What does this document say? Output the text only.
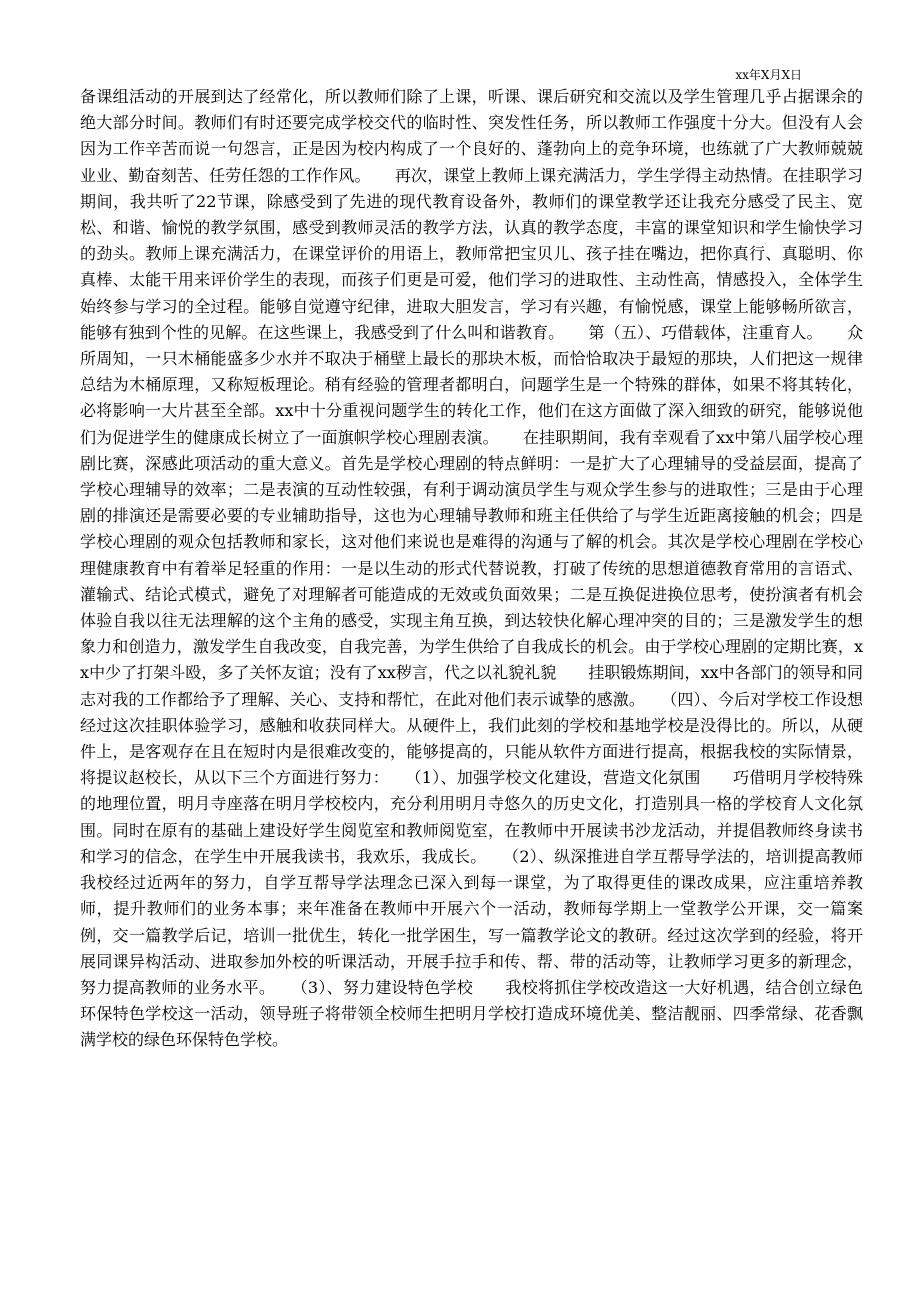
xx年X月X日

备课组活动的开展到达了经常化，所以教师们除了上课，听课、课后研究和交流以及学生管理几乎占据课余的绝大部分时间。教师们有时还要完成学校交代的临时性、突发性任务，所以教师工作强度十分大。但没有人会因为工作辛苦而说一句怨言，正是因为校内构成了一个良好的、蓬勃向上的竞争环境，也练就了广大教师兢兢业业、勤奋刻苦、任劳任怨的工作作风。　　再次，课堂上教师上课充满活力，学生学得主动热情。在挂职学习期间，我共听了22节课，除感受到了先进的现代教育设备外，教师们的课堂教学还让我充分感受了民主、宽松、和谐、愉悦的教学氛围，感受到教师灵活的教学方法，认真的教学态度，丰富的课堂知识和学生愉快学习的劲头。教师上课充满活力，在课堂评价的用语上，教师常把宝贝儿、孩子挂在嘴边，把你真行、真聪明、你真棒、太能干用来评价学生的表现，而孩子们更是可爱，他们学习的进取性、主动性高，情感投入，全体学生始终参与学习的全过程。能够自觉遵守纪律，进取大胆发言，学习有兴趣，有愉悦感，课堂上能够畅所欲言，能够有独到个性的见解。在这些课上，我感受到了什么叫和谐教育。　　第（五）、巧借载体，注重育人。　　众所周知，一只木桶能盛多少水并不取决于桶壁上最长的那块木板，而恰恰取决于最短的那块，人们把这一规律总结为木桶原理，又称短板理论。稍有经验的管理者都明白，问题学生是一个特殊的群体，如果不将其转化，必将影响一大片甚至全部。xx中十分重视问题学生的转化工作，他们在这方面做了深入细致的研究，能够说他们为促进学生的健康成长树立了一面旗帜学校心理剧表演。　　在挂职期间，我有幸观看了xx中第八届学校心理剧比赛，深感此项活动的重大意义。首先是学校心理剧的特点鲜明：一是扩大了心理辅导的受益层面，提高了学校心理辅导的效率；二是表演的互动性较强，有利于调动演员学生与观众学生参与的进取性；三是由于心理剧的排演还是需要必要的专业辅助指导，这也为心理辅导教师和班主任供给了与学生近距离接触的机会；四是学校心理剧的观众包括教师和家长，这对他们来说也是难得的沟通与了解的机会。其次是学校心理剧在学校心理健康教育中有着举足轻重的作用：一是以生动的形式代替说教，打破了传统的思想道德教育常用的言语式、灌输式、结论式模式，避免了对理解者可能造成的无效或负面效果；二是互换促进换位思考，使扮演者有机会体验自我以往无法理解的这个主角的感受，实现主角互换，到达较快化解心理冲突的目的；三是激发学生的想象力和创造力，激发学生自我改变，自我完善，为学生供给了自我成长的机会。由于学校心理剧的定期比赛，xx中少了打架斗殴，多了关怀友谊；没有了xx秽言，代之以礼貌礼貌　　挂职锻炼期间，xx中各部门的领导和同志对我的工作都给予了理解、关心、支持和帮忙，在此对他们表示诚挚的感激。　　（四）、今后对学校工作设想　　经过这次挂职体验学习，感触和收获同样大。从硬件上，我们此刻的学校和基地学校是没得比的。所以，从硬件上，是客观存在且在短时内是很难改变的，能够提高的，只能从软件方面进行提高，根据我校的实际情景，将提议赵校长，从以下三个方面进行努力：　　（1）、加强学校文化建设，营造文化氛围　　巧借明月学校特殊的地理位置，明月寺座落在明月学校校内，充分利用明月寺悠久的历史文化，打造别具一格的学校育人文化氛围。同时在原有的基础上建设好学生阅览室和教师阅览室，在教师中开展读书沙龙活动，并提倡教师终身读书和学习的信念，在学生中开展我读书，我欢乐，我成长。　　（2）、纵深推进自学互帮导学法的，培训提高教师　　我校经过近两年的努力，自学互帮导学法理念已深入到每一课堂，为了取得更佳的课改成果，应注重培养教师，提升教师们的业务本事；来年准备在教师中开展六个一活动，教师每学期上一堂教学公开课，交一篇案例，交一篇教学后记，培训一批优生，转化一批学困生，写一篇教学论文的教研。经过这次学到的经验，将开展同课异构活动、进取参加外校的听课活动，开展手拉手和传、帮、带的活动等，让教师学习更多的新理念，努力提高教师的业务水平。　　（3）、努力建设特色学校　　我校将抓住学校改造这一大好机遇，结合创立绿色环保特色学校这一活动，领导班子将带领全校师生把明月学校打造成环境优美、整洁靓丽、四季常绿、花香飘满学校的绿色环保特色学校。
